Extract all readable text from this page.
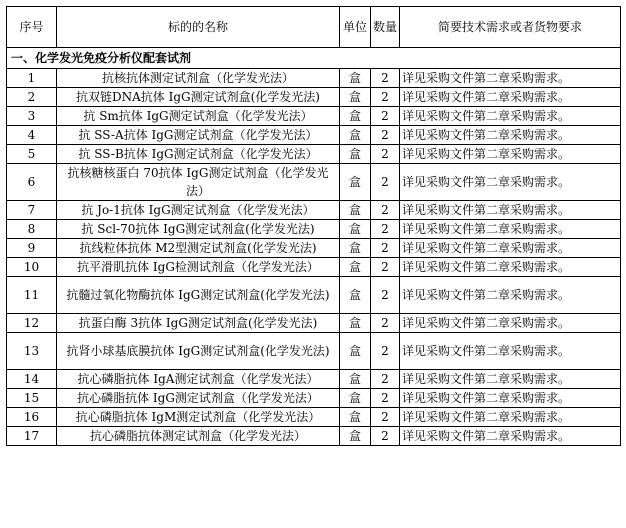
序号	标的的名称	单位	数量	简要技术需求或者货物要求
一、化学发光免疫分析仪配套试剂				
1	抗核抗体测定试剂盒（化学发光法）	盒	2	详见采购文件第二章采购需求。
2	抗双链DNA抗体 IgG测定试剂盒(化学发光法)	盒	2	详见采购文件第二章采购需求。
3	抗 Sm抗体 IgG测定试剂盒（化学发光法）	盒	2	详见采购文件第二章采购需求。
4	抗 SS-A抗体 IgG测定试剂盒（化学发光法）	盒	2	详见采购文件第二章采购需求。
5	抗 SS-B抗体 IgG测定试剂盒（化学发光法）	盒	2	详见采购文件第二章采购需求。
6	抗核糖核蛋白 70抗体 IgG测定试剂盒（化学发光法）	盒	2	详见采购文件第二章采购需求。
7	抗 Jo-1抗体 IgG测定试剂盒（化学发光法）	盒	2	详见采购文件第二章采购需求。
8	抗 Scl-70抗体 IgG测定试剂盒(化学发光法)	盒	2	详见采购文件第二章采购需求。
9	抗线粒体抗体 M2型测定试剂盒(化学发光法)	盒	2	详见采购文件第二章采购需求。
10	抗平滑肌抗体 IgG检测试剂盒（化学发光法）	盒	2	详见采购文件第二章采购需求。
11	抗髓过氧化物酶抗体 IgG测定试剂盒(化学发光法)	盒	2	详见采购文件第二章采购需求。
12	抗蛋白酶 3抗体 IgG测定试剂盒(化学发光法)	盒	2	详见采购文件第二章采购需求。
13	抗肾小球基底膜抗体 IgG测定试剂盒(化学发光法)	盒	2	详见采购文件第二章采购需求。
14	抗心磷脂抗体 IgA测定试剂盒（化学发光法）	盒	2	详见采购文件第二章采购需求。
15	抗心磷脂抗体 IgG测定试剂盒（化学发光法）	盒	2	详见采购文件第二章采购需求。
16	抗心磷脂抗体 IgM测定试剂盒（化学发光法）	盒	2	详见采购文件第二章采购需求。
17	抗心磷脂抗体测定试剂盒（化学发光法）	盒	2	详见采购文件第二章采购需求。
